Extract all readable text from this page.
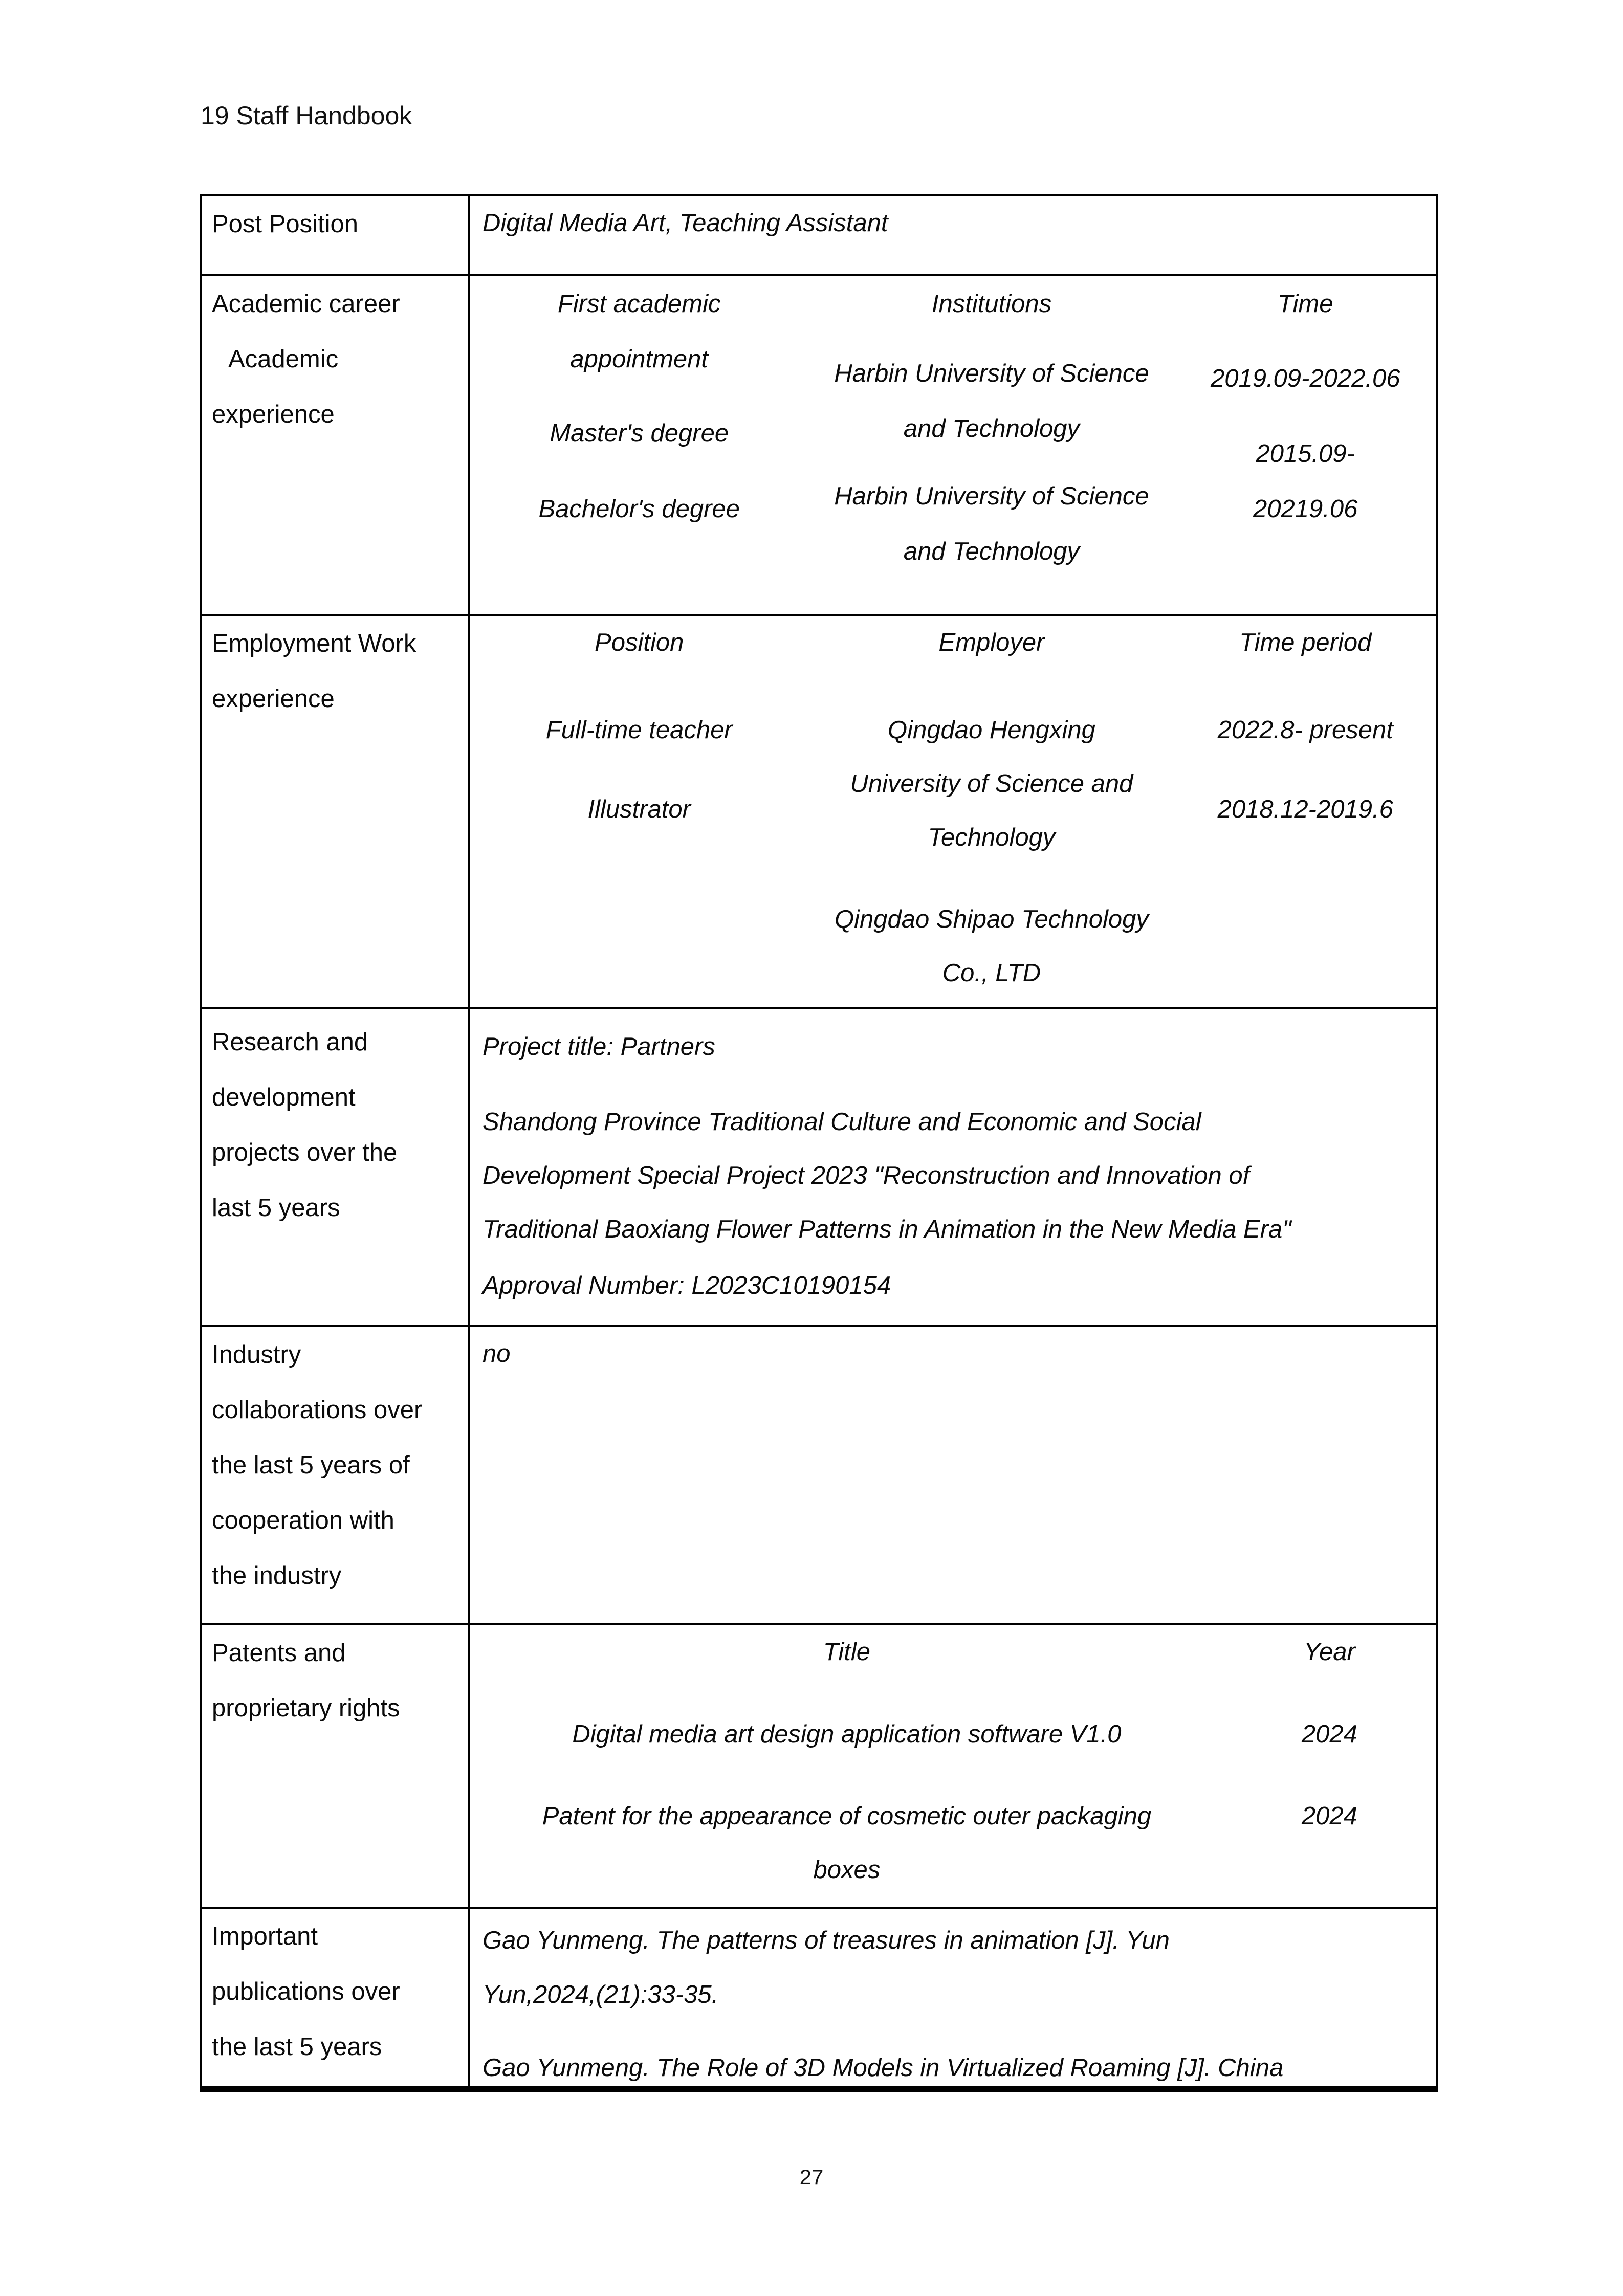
19 Staff Handbook
Post Position	Digital Media Art, Teaching Assistant
Academic career
Academic
experience
First academic
appointment
Master's degree
Bachelor's degree
Institutions
Harbin University of Science
and Technology
Harbin University of Science
and Technology
Time
2019.09-2022.06
2015.09-
20219.06
Employment Work
experience
Position
Full-time teacher
Illustrator
Employer
Qingdao Hengxing
University of Science and
Technology
Qingdao Shipao Technology
Co., LTD
Time period
2022.8- present
2018.12-2019.6
Research and
development
projects over the
last 5 years
Project title: Partners
Shandong Province Traditional Culture and Economic and Social
Development Special Project 2023 "Reconstruction and Innovation of
Traditional Baoxiang Flower Patterns in Animation in the New Media Era"
Approval Number: L2023C10190154
Industry
collaborations over
the last 5 years of
cooperation with
the industry
no
Patents and
proprietary rights
Title
Digital media art design application software V1.0
Patent for the appearance of cosmetic outer packaging
boxes
Year
2024
2024
Important
publications over
the last 5 years
Gao Yunmeng. The patterns of treasures in animation [J]. Yun
Yun,2024,(21):33-35.
Gao Yunmeng. The Role of 3D Models in Virtualized Roaming [J]. China
27
